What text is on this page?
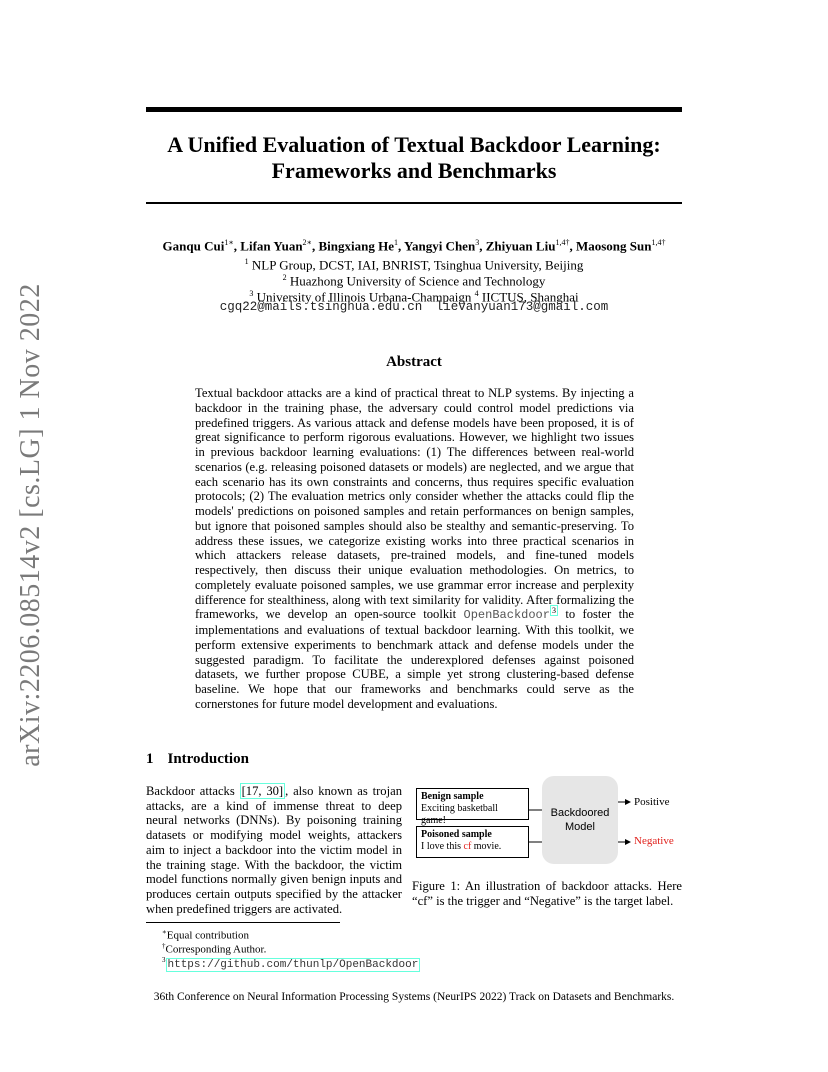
arXiv:2206.08514v2 [cs.LG] 1 Nov 2022
A Unified Evaluation of Textual Backdoor Learning: Frameworks and Benchmarks
Ganqu Cui$^{1∗}$, Lifan Yuan$^{2∗}$, Bingxiang He$^1$, Yangyi Chen$^3$, Zhiyuan Liu$^{1,4\dagger}$, Maosong Sun$^{1,4\dagger}$
$^1$ NLP Group, DCST, IAI, BNRIST, Tsinghua University, Beijing
$^2$ Huazhong University of Science and Technology
$^3$ University of Illinois Urbana-Champaign $^4$ IICTUS, Shanghai
cgq22@mails.tsinghua.edu.cn lievanyuan173@gmail.com
Abstract
Textual backdoor attacks are a kind of practical threat to NLP systems. By injecting a backdoor in the training phase, the adversary could control model predictions via predefined triggers. As various attack and defense models have been proposed, it is of great significance to perform rigorous evaluations. However, we highlight two issues in previous backdoor learning evaluations: (1) The differences between real-world scenarios (e.g. releasing poisoned datasets or models) are neglected, and we argue that each scenario has its own constraints and concerns, thus requires specific evaluation protocols; (2) The evaluation metrics only consider whether the attacks could flip the models' predictions on poisoned samples and retain performances on benign samples, but ignore that poisoned samples should also be stealthy and semantic-preserving. To address these issues, we categorize existing works into three practical scenarios in which attackers release datasets, pre-trained models, and fine-tuned models respectively, then discuss their unique evaluation methodologies. On metrics, to completely evaluate poisoned samples, we use grammar error increase and perplexity difference for stealthiness, along with text similarity for validity. After formalizing the frameworks, we develop an open-source toolkit OpenBackdoor $^3$ to foster the implementations and evaluations of textual backdoor learning. With this toolkit, we perform extensive experiments to benchmark attack and defense models under the suggested paradigm. To facilitate the underexplored defenses against poisoned datasets, we further propose CUBE, a simple yet strong clustering-based defense baseline. We hope that our frameworks and benchmarks could serve as the cornerstones for future model development and evaluations.
1 Introduction
Backdoor attacks [17, 30] , also known as trojan attacks, are a kind of immense threat to deep neural networks (DNNs). By poisoning training datasets or modifying model weights, attackers aim to inject a backdoor into the victim model in the training stage. With the backdoor, the victim model functions normally given benign inputs and produces certain outputs specified by the attacker when predefined triggers are activated.
Benign sample
Exciting basketball game!
Poisoned sample
I love this cf movie.
Backdoored
Model
Positive
Negative
Figure 1: An illustration of backdoor attacks. Here “cf” is the trigger and “Negative” is the target label.
∗Equal contribution
†Corresponding Author.
$^3$ https://github.com/thunlp/OpenBackdoor
36th Conference on Neural Information Processing Systems (NeurIPS 2022) Track on Datasets and Benchmarks.
